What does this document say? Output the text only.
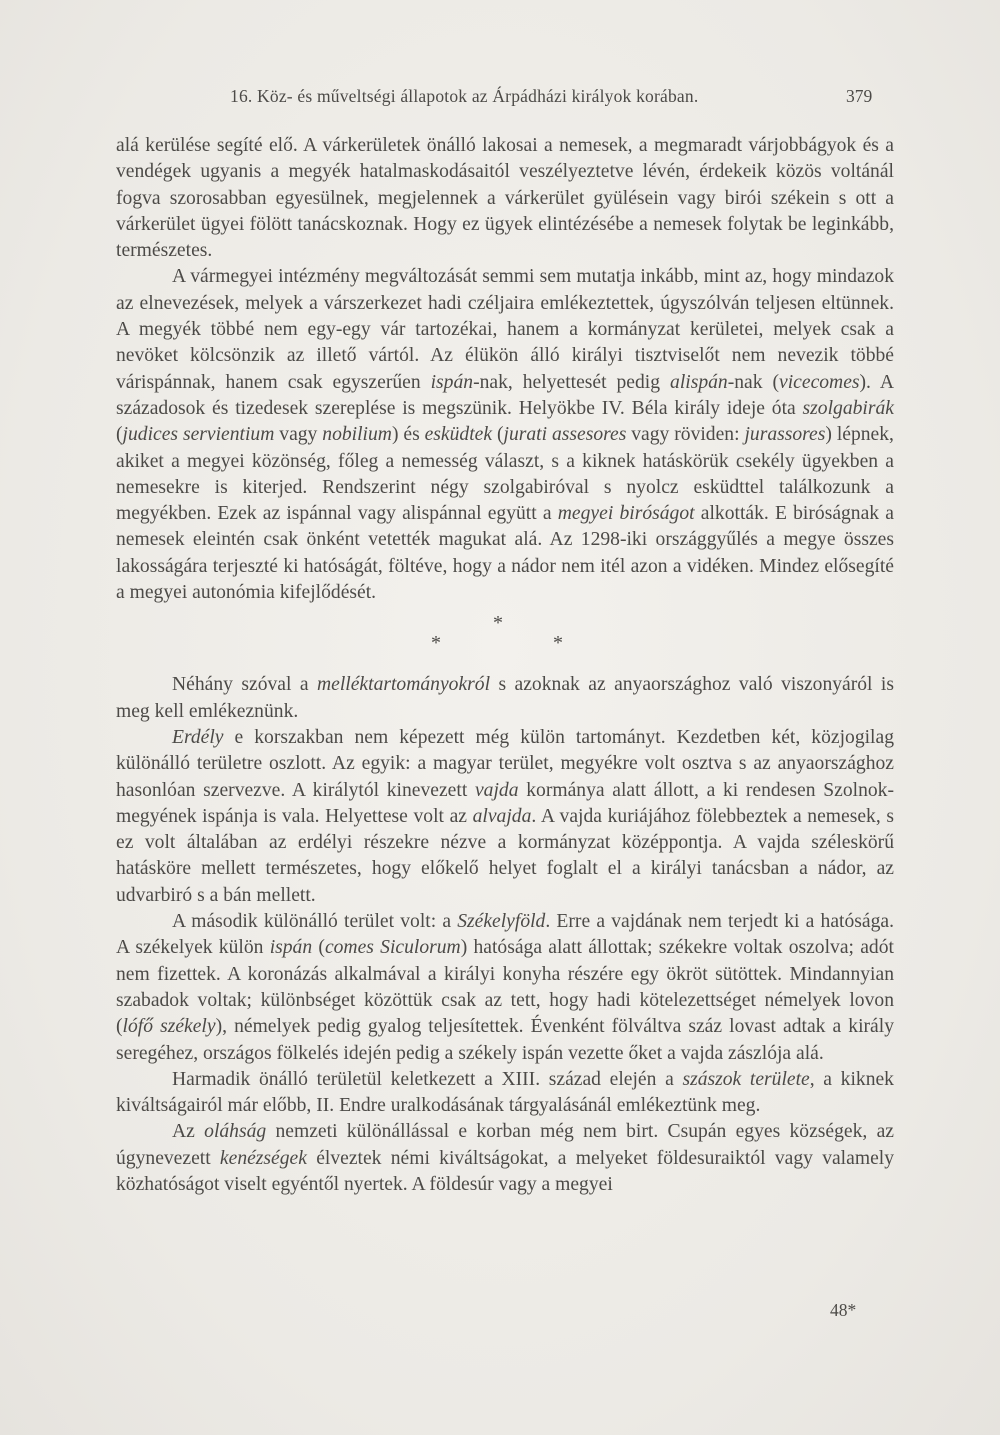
16. Köz- és műveltségi állapotok az Árpádházi királyok korában.	379

alá kerülése segíté elő. A várkerületek önálló lakosai a nemesek, a megmaradt várjobbágyok és a vendégek ugyanis a megyék hatalmaskodásaitól veszélyeztetve lévén, érdekeik közös voltánál fogva szorosabban egyesülnek, megjelennek a várkerület gyülésein vagy birói székein s ott a várkerület ügyei fölött tanácskoznak. Hogy ez ügyek elintézésébe a nemesek folytak be leginkább, természetes.

A vármegyei intézmény megváltozását semmi sem mutatja inkább, mint az, hogy mindazok az elnevezések, melyek a várszerkezet hadi czéljaira emlékeztettek, úgyszólván teljesen eltünnek. A megyék többé nem egy-egy vár tartozékai, hanem a kormányzat kerületei, melyek csak a nevöket kölcsönzik az illető vártól. Az élükön álló királyi tisztviselőt nem nevezik többé várispánnak, hanem csak egyszerűen ispán-nak, helyettesét pedig alispán-nak (vicecomes). A századosok és tizedesek szereplése is megszünik. Helyökbe IV. Béla király ideje óta szolgabirák (judices servientium vagy nobilium) és esküdtek (jurati assesores vagy röviden: jurassores) lépnek, akiket a megyei közönség, főleg a nemesség választ, s a kiknek hatáskörük csekély ügyekben a nemesekre is kiterjed. Rendszerint négy szolgabiróval s nyolcz esküdttel találkozunk a megyékben. Ezek az ispánnal vagy alispánnal együtt a megyei biróságot alkották. E biróságnak a nemesek eleintén csak önként vetették magukat alá. Az 1298-iki országgyűlés a megye összes lakosságára terjeszté ki hatóságát, föltéve, hogy a nádor nem itél azon a vidéken. Mindez elősegíté a megyei autonómia kifejlődését.

*
*
*

Néhány szóval a melléktartományokról s azoknak az anyaországhoz való viszonyáról is meg kell emlékeznünk.

Erdély e korszakban nem képezett még külön tartományt. Kezdetben két, közjogilag különálló területre oszlott. Az egyik: a magyar terület, megyékre volt osztva s az anyaországhoz hasonlóan szervezve. A királytól kinevezett vajda kormánya alatt állott, a ki rendesen Szolnok-megyének ispánja is vala. Helyettese volt az alvajda. A vajda kuriájához fölebbeztek a nemesek, s ez volt általában az erdélyi részekre nézve a kormányzat középpontja. A vajda széleskörű hatásköre mellett természetes, hogy előkelő helyet foglalt el a királyi tanácsban a nádor, az udvarbiró s a bán mellett.

A második különálló terület volt: a Székelyföld. Erre a vajdának nem terjedt ki a hatósága. A székelyek külön ispán (comes Siculorum) hatósága alatt állottak; székekre voltak oszolva; adót nem fizettek. A koronázás alkalmával a királyi konyha részére egy ökröt sütöttek. Mindannyian szabadok voltak; különbséget közöttük csak az tett, hogy hadi kötelezettséget némelyek lovon (lófő székely), némelyek pedig gyalog teljesítettek. Évenként fölváltva száz lovast adtak a király seregéhez, országos fölkelés idején pedig a székely ispán vezette őket a vajda zászlója alá.

Harmadik önálló területül keletkezett a XIII. század elején a szászok területe, a kiknek kiváltságairól már előbb, II. Endre uralkodásának tárgyalásánál emlékeztünk meg.

Az oláhság nemzeti különállással e korban még nem birt. Csupán egyes községek, az úgynevezett kenézségek élveztek némi kiváltságokat, a melyeket földesuraiktól vagy valamely közhatóságot viselt egyéntől nyertek. A földesúr vagy a megyei

48*
